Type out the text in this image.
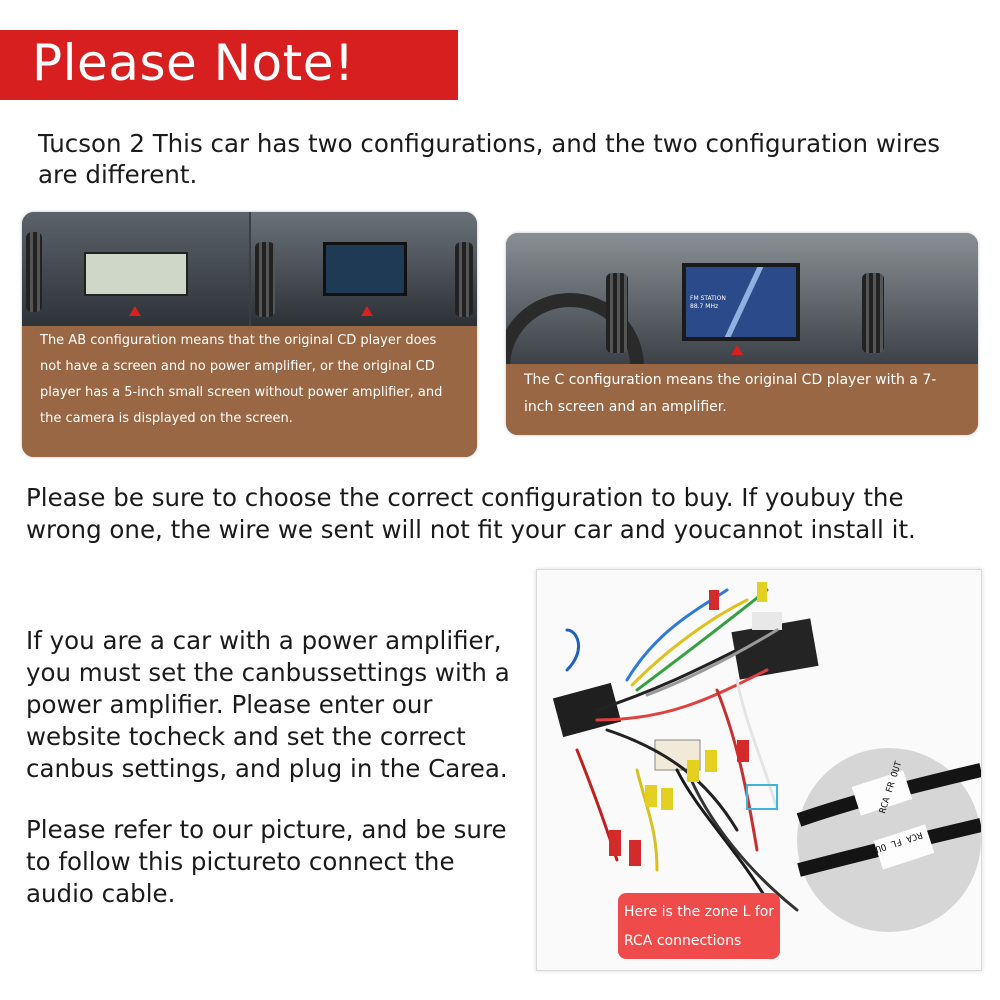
Please Note!
Tucson 2 This car has two configurations, and the two configuration wires are different.
The AB configuration means that the original CD player does not have a screen and no power amplifier, or the original CD player has a 5-inch small screen without power amplifier, and the camera is displayed on the screen.
FM STATION
88.7 MHz
The C configuration means the original CD player with a 7-inch screen and an amplifier.
Please be sure to choose the correct configuration to buy. If youbuy the wrong one, the wire we sent will not fit your car and youcannot install it.
If you are a car with a power amplifier, you must set the canbussettings with a power amplifier. Please enter our website tocheck and set the correct canbus settings, and plug in the Carea.
Please refer to our picture, and be sure to follow this pictureto connect the audio cable.
RCA FR OUT
RCA FL OUT
Here is the zone L for RCA connections
